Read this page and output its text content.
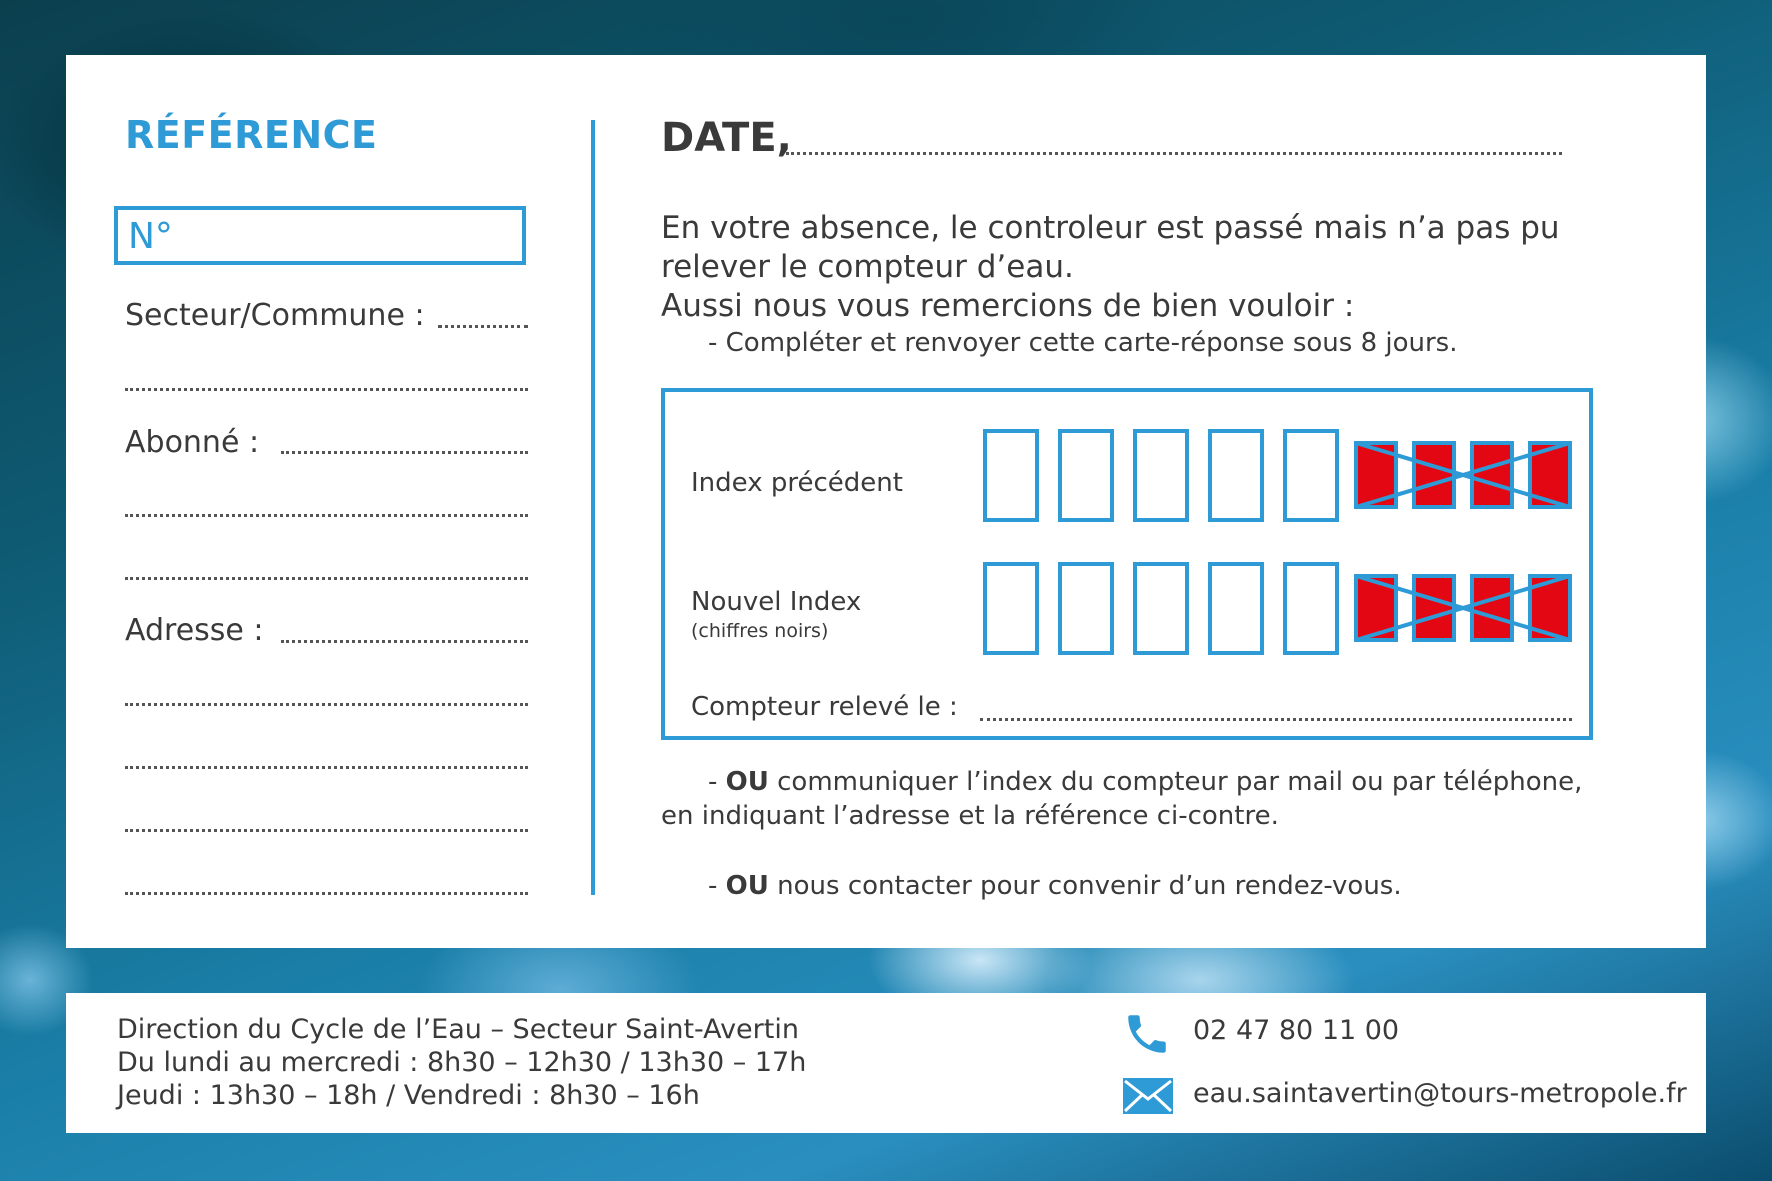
RÉFÉRENCE
N°
Secteur/Commune :
Abonné :
Adresse :
DATE,
En votre absence, le controleur est passé mais n’a pas pu
relever le compteur d’eau.
Aussi nous vous remercions de bien vouloir :
- Compléter et renvoyer cette carte-réponse sous 8 jours.
Index précédent
Nouvel Index
(chiffres noirs)
Compteur relevé le :
- OU communiquer l’index du compteur par mail ou par téléphone,
en indiquant l’adresse et la référence ci-contre.
- OU nous contacter pour convenir d’un rendez-vous.
Direction du Cycle de l’Eau – Secteur Saint-Avertin
Du lundi au mercredi : 8h30 – 12h30 / 13h30 – 17h
Jeudi : 13h30 – 18h / Vendredi : 8h30 – 16h
02 47 80 11 00
eau.saintavertin@tours-metropole.fr
